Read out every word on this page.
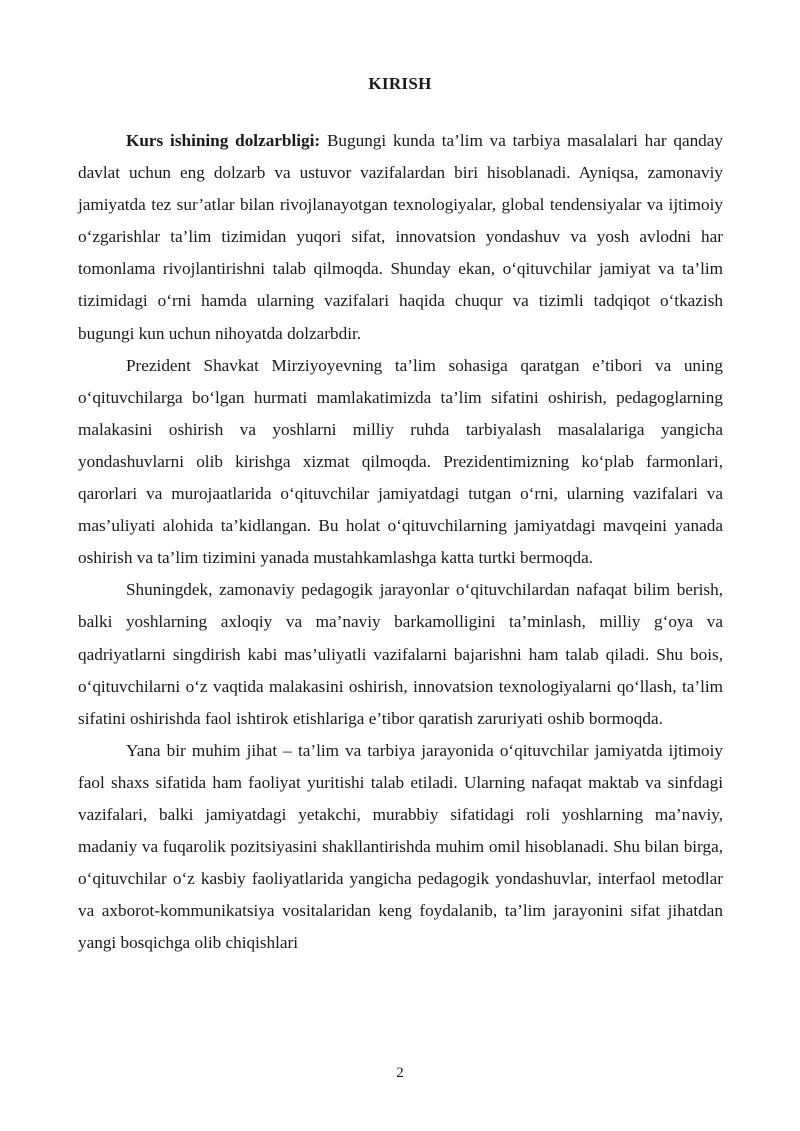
KIRISH

Kurs ishining dolzarbligi: Bugungi kunda ta’lim va tarbiya masalalari har qanday davlat uchun eng dolzarb va ustuvor vazifalardan biri hisoblanadi. Ayniqsa, zamonaviy jamiyatda tez sur’atlar bilan rivojlanayotgan texnologiyalar, global tendensiyalar va ijtimoiy o‘zgarishlar ta’lim tizimidan yuqori sifat, innovatsion yondashuv va yosh avlodni har tomonlama rivojlantirishni talab qilmoqda. Shunday ekan, o‘qituvchilar jamiyat va ta’lim tizimidagi o‘rni hamda ularning vazifalari haqida chuqur va tizimli tadqiqot o‘tkazish bugungi kun uchun nihoyatda dolzarbdir.

Prezident Shavkat Mirziyoyevning ta’lim sohasiga qaratgan e’tibori va uning o‘qituvchilarga bo‘lgan hurmati mamlakatimizda ta’lim sifatini oshirish, pedagoglarning malakasini oshirish va yoshlarni milliy ruhda tarbiyalash masalalariga yangicha yondashuvlarni olib kirishga xizmat qilmoqda. Prezidentimizning ko‘plab farmonlari, qarorlari va murojaatlarida o‘qituvchilar jamiyatdagi tutgan o‘rni, ularning vazifalari va mas’uliyati alohida ta’kidlangan. Bu holat o‘qituvchilarning jamiyatdagi mavqeini yanada oshirish va ta’lim tizimini yanada mustahkamlashga katta turtki bermoqda.

Shuningdek, zamonaviy pedagogik jarayonlar o‘qituvchilardan nafaqat bilim berish, balki yoshlarning axloqiy va ma’naviy barkamolligini ta’minlash, milliy g‘oya va qadriyatlarni singdirish kabi mas’uliyatli vazifalarni bajarishni ham talab qiladi. Shu bois, o‘qituvchilarni o‘z vaqtida malakasini oshirish, innovatsion texnologiyalarni qo‘llash, ta’lim sifatini oshirishda faol ishtirok etishlariga e’tibor qaratish zaruriyati oshib bormoqda.

Yana bir muhim jihat – ta’lim va tarbiya jarayonida o‘qituvchilar jamiyatda ijtimoiy faol shaxs sifatida ham faoliyat yuritishi talab etiladi. Ularning nafaqat maktab va sinfdagi vazifalari, balki jamiyatdagi yetakchi, murabbiy sifatidagi roli yoshlarning ma’naviy, madaniy va fuqarolik pozitsiyasini shakllantirishda muhim omil hisoblanadi. Shu bilan birga, o‘qituvchilar o‘z kasbiy faoliyatlarida yangicha pedagogik yondashuvlar, interfaol metodlar va axborot-kommunikatsiya vositalaridan keng foydalanib, ta’lim jarayonini sifat jihatdan yangi bosqichga olib chiqishlari

2
